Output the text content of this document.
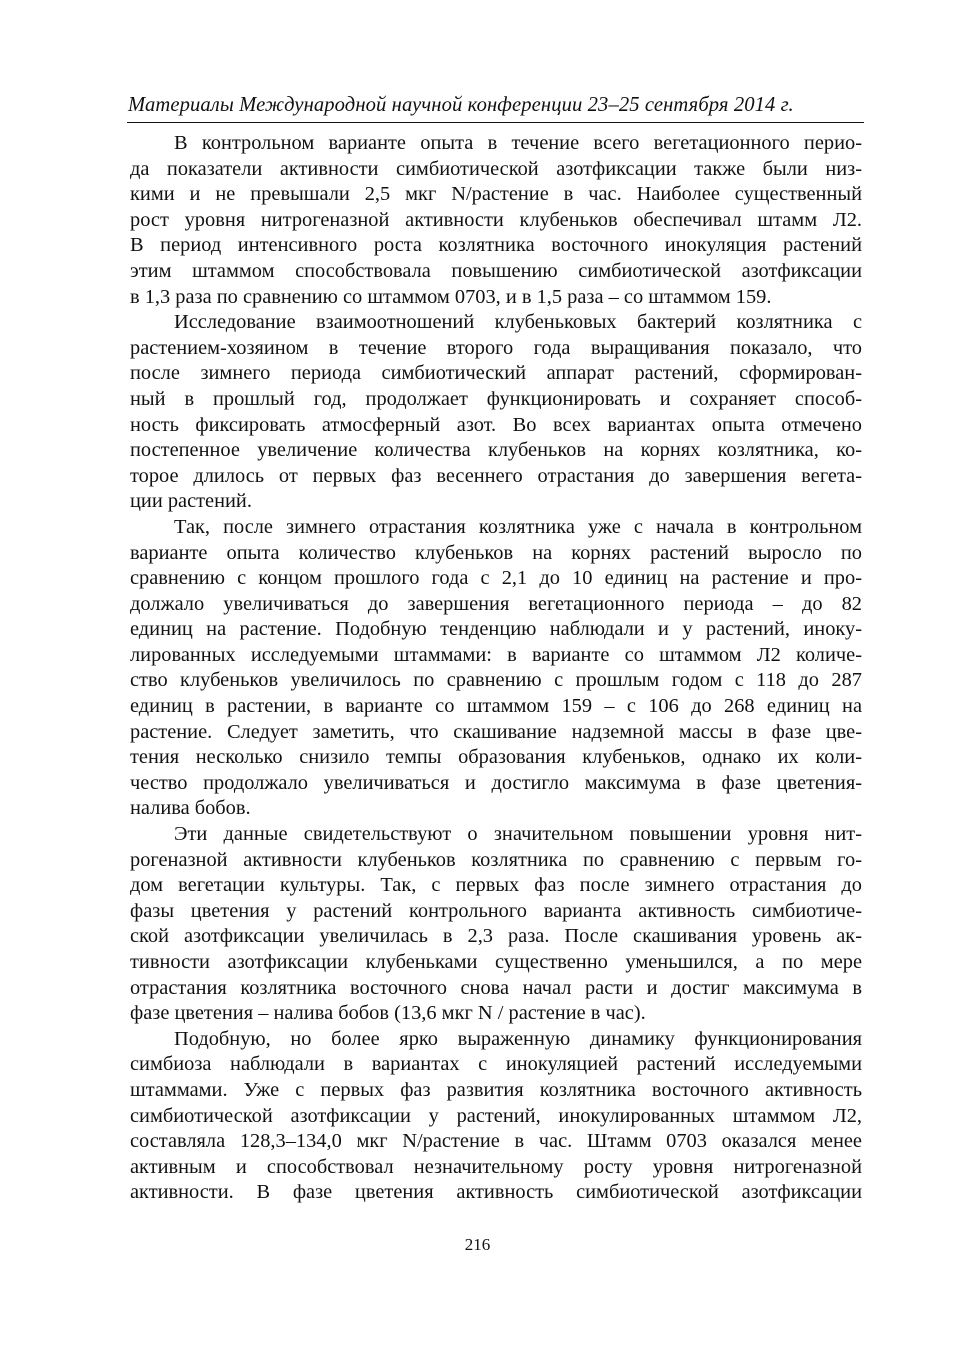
Материалы Международной научной конференции 23–25 сентября 2014 г.

В контрольном варианте опыта в течение всего вегетационного перио-
да показатели активности симбиотической азотфиксации также были низ-
кими и не превышали 2,5 мкг N/растение в час. Наиболее существенный
рост уровня нитрогеназной активности клубеньков обеспечивал штамм Л2.
В период интенсивного роста козлятника восточного инокуляция растений
этим штаммом способствовала повышению симбиотической азотфиксации
в 1,3 раза по сравнению со штаммом 0703, и в 1,5 раза – со штаммом 159.

Исследование взаимоотношений клубеньковых бактерий козлятника с
растением-хозяином в течение второго года выращивания показало, что
после зимнего периода симбиотический аппарат растений, сформирован-
ный в прошлый год, продолжает функционировать и сохраняет способ-
ность фиксировать атмосферный азот. Во всех вариантах опыта отмечено
постепенное увеличение количества клубеньков на корнях козлятника, ко-
торое длилось от первых фаз весеннего отрастания до завершения вегета-
ции растений.

Так, после зимнего отрастания козлятника уже с начала в контрольном
варианте опыта количество клубеньков на корнях растений выросло по
сравнению с концом прошлого года с 2,1 до 10 единиц на растение и про-
должало увеличиваться до завершения вегетационного периода – до 82
единиц на растение. Подобную тенденцию наблюдали и у растений, иноку-
лированных исследуемыми штаммами: в варианте со штаммом Л2 количе-
ство клубеньков увеличилось по сравнению с прошлым годом с 118 до 287
единиц в растении, в варианте со штаммом 159 – с 106 до 268 единиц на
растение. Следует заметить, что скашивание надземной массы в фазе цве-
тения несколько снизило темпы образования клубеньков, однако их коли-
чество продолжало увеличиваться и достигло максимума в фазе цветения-
налива бобов.

Эти данные свидетельствуют о значительном повышении уровня нит-
рогеназной активности клубеньков козлятника по сравнению с первым го-
дом вегетации культуры. Так, с первых фаз после зимнего отрастания до
фазы цветения у растений контрольного варианта активность симбиотиче-
ской азотфиксации увеличилась в 2,3 раза. После скашивания уровень ак-
тивности азотфиксации клубеньками существенно уменьшился, а по мере
отрастания козлятника восточного снова начал расти и достиг максимума в
фазе цветения – налива бобов (13,6 мкг N / растение в час).

Подобную, но более ярко выраженную динамику функционирования
симбиоза наблюдали в вариантах с инокуляцией растений исследуемыми
штаммами. Уже с первых фаз развития козлятника восточного активность
симбиотической азотфиксации у растений, инокулированных штаммом Л2,
составляла 128,3–134,0 мкг N/растение в час. Штамм 0703 оказался менее
активным и способствовал незначительному росту уровня нитрогеназной
активности. В фазе цветения активность симбиотической азотфиксации

216
